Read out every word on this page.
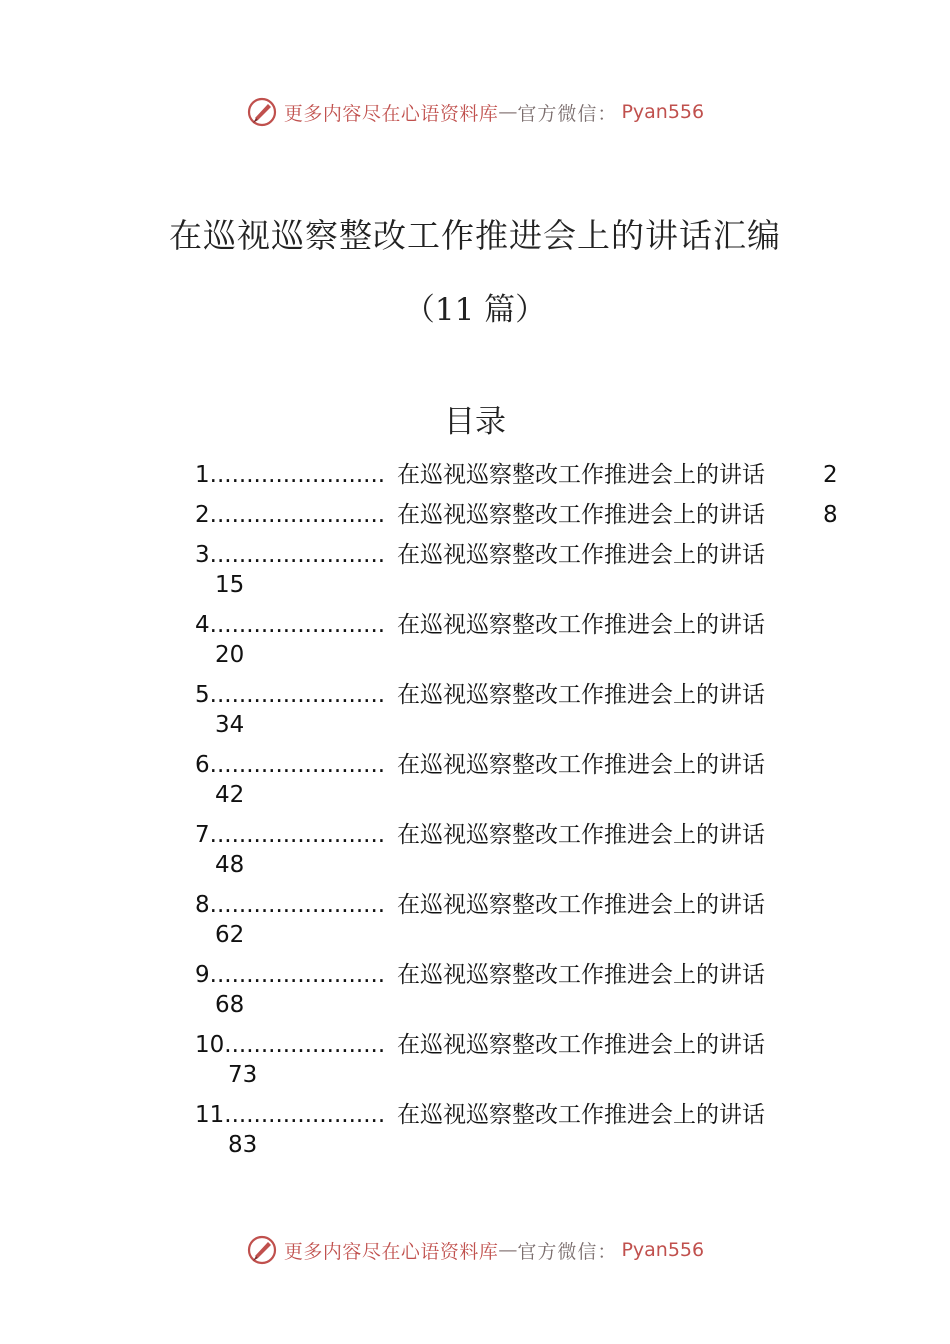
更多内容尽在心语资料库 — 官方微信： Pyan556
在巡视巡察整改工作推进会上的讲话汇编
（11 篇）
目录
1........................ 在巡视巡察整改工作推进会上的讲话	2
2........................ 在巡视巡察整改工作推进会上的讲话	8
3........................ 在巡视巡察整改工作推进会上的讲话
15
4........................ 在巡视巡察整改工作推进会上的讲话
20
5........................ 在巡视巡察整改工作推进会上的讲话
34
6........................ 在巡视巡察整改工作推进会上的讲话
42
7........................ 在巡视巡察整改工作推进会上的讲话
48
8........................ 在巡视巡察整改工作推进会上的讲话
62
9........................ 在巡视巡察整改工作推进会上的讲话
68
10...................... 在巡视巡察整改工作推进会上的讲话
73
11...................... 在巡视巡察整改工作推进会上的讲话
83
更多内容尽在心语资料库 — 官方微信： Pyan556
